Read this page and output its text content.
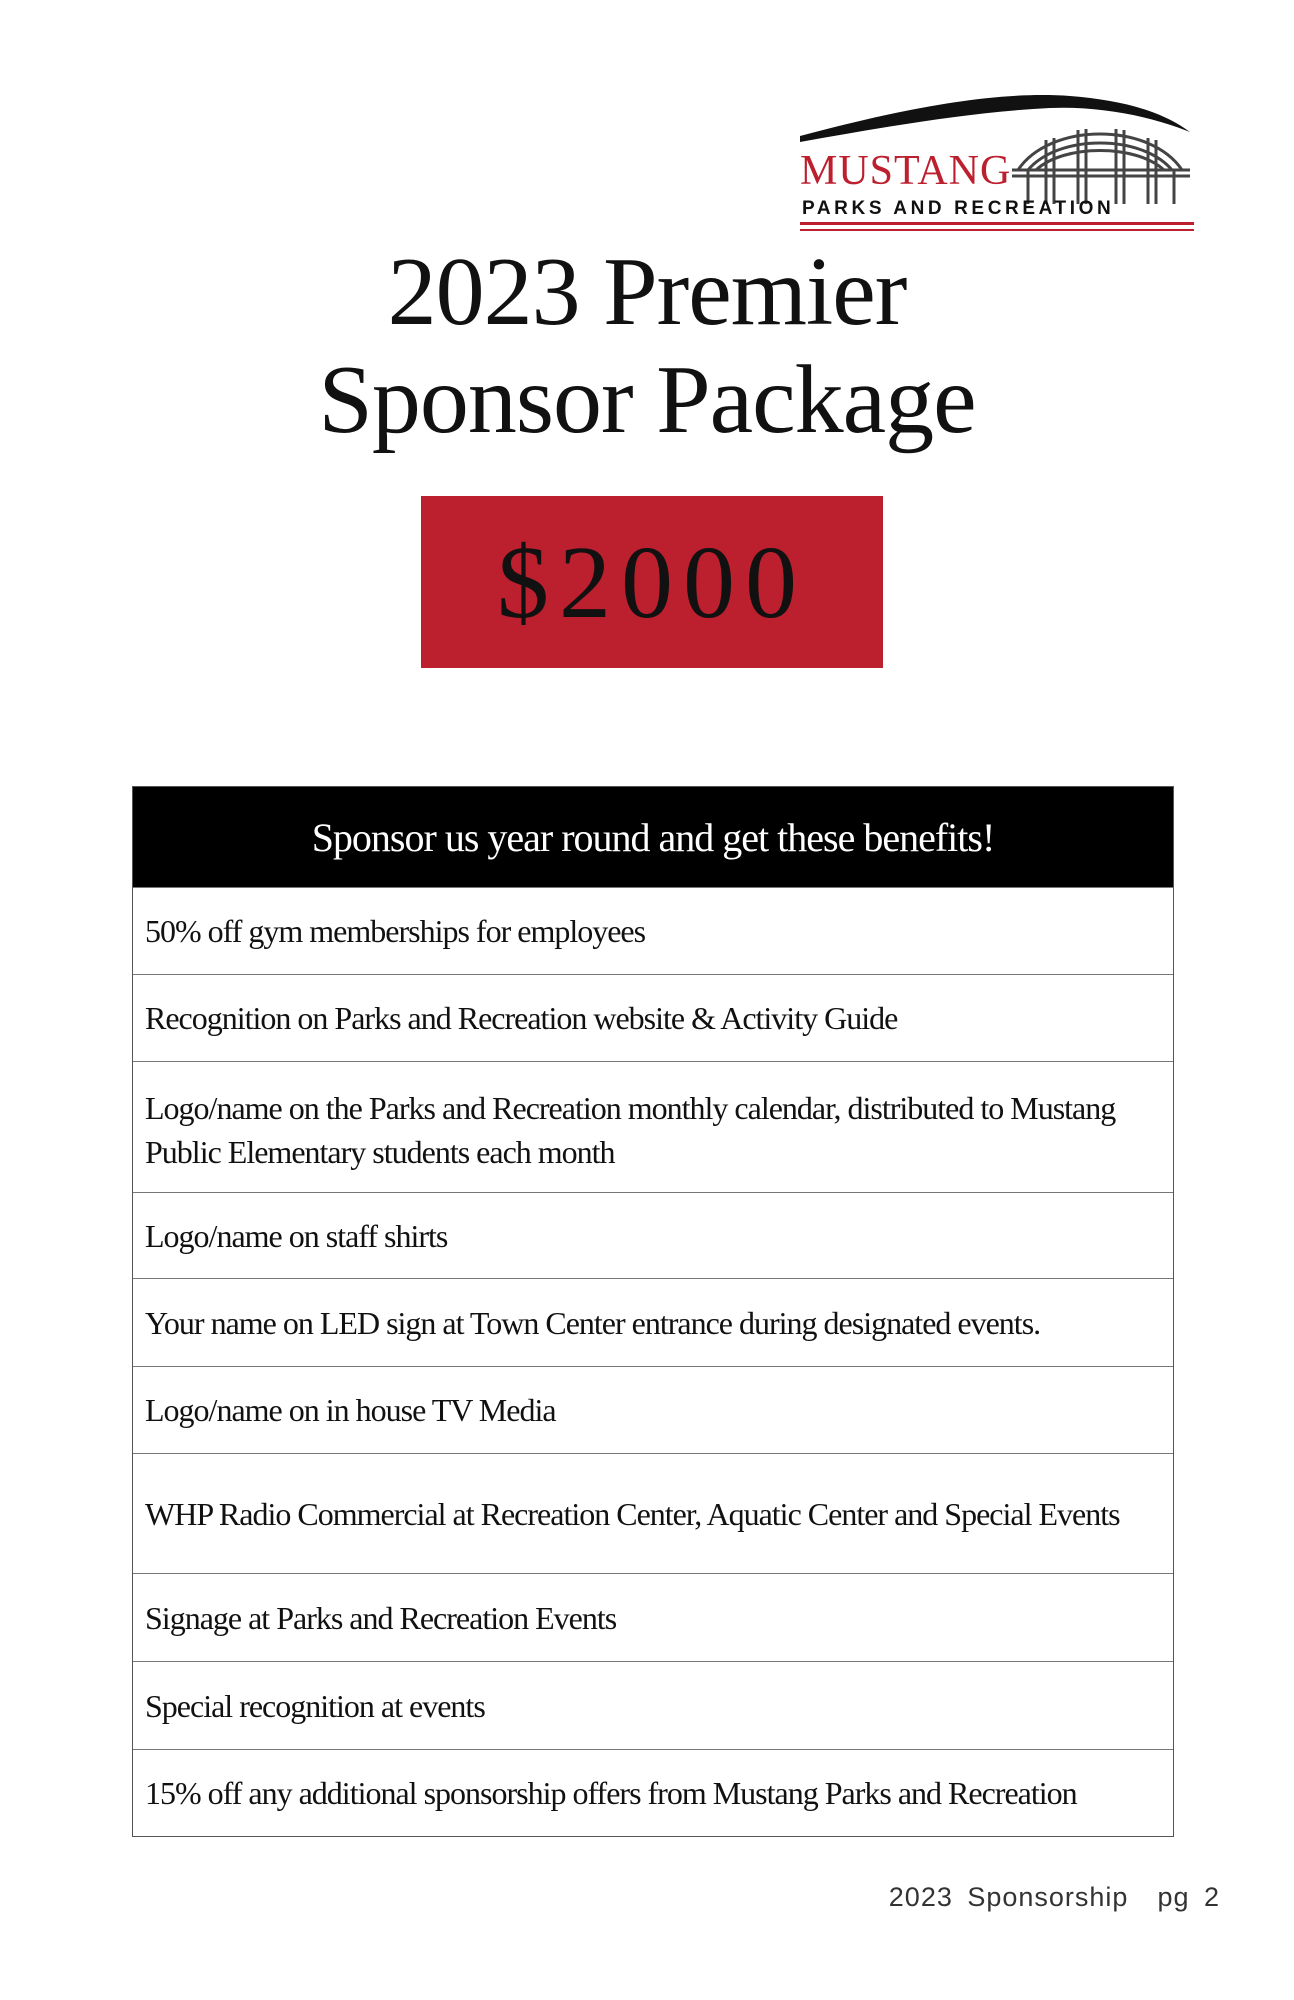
MUSTANG
PARKS AND RECREATION
2023 Premier
Sponsor Package
$2000
Sponsor us year round and get these benefits!
50% off gym memberships for employees
Recognition on Parks and Recreation website & Activity Guide
Logo/name on the Parks and Recreation monthly calendar, distributed to Mustang Public Elementary students each month
Logo/name on staff shirts
Your name on LED sign at Town Center entrance during designated events.
Logo/name on in house TV Media
WHP Radio Commercial at Recreation Center, Aquatic Center and Special Events
Signage at Parks and Recreation Events
Special recognition at events
15% off any additional sponsorship offers from Mustang Parks and Recreation
2023 Sponsorship  pg 2
